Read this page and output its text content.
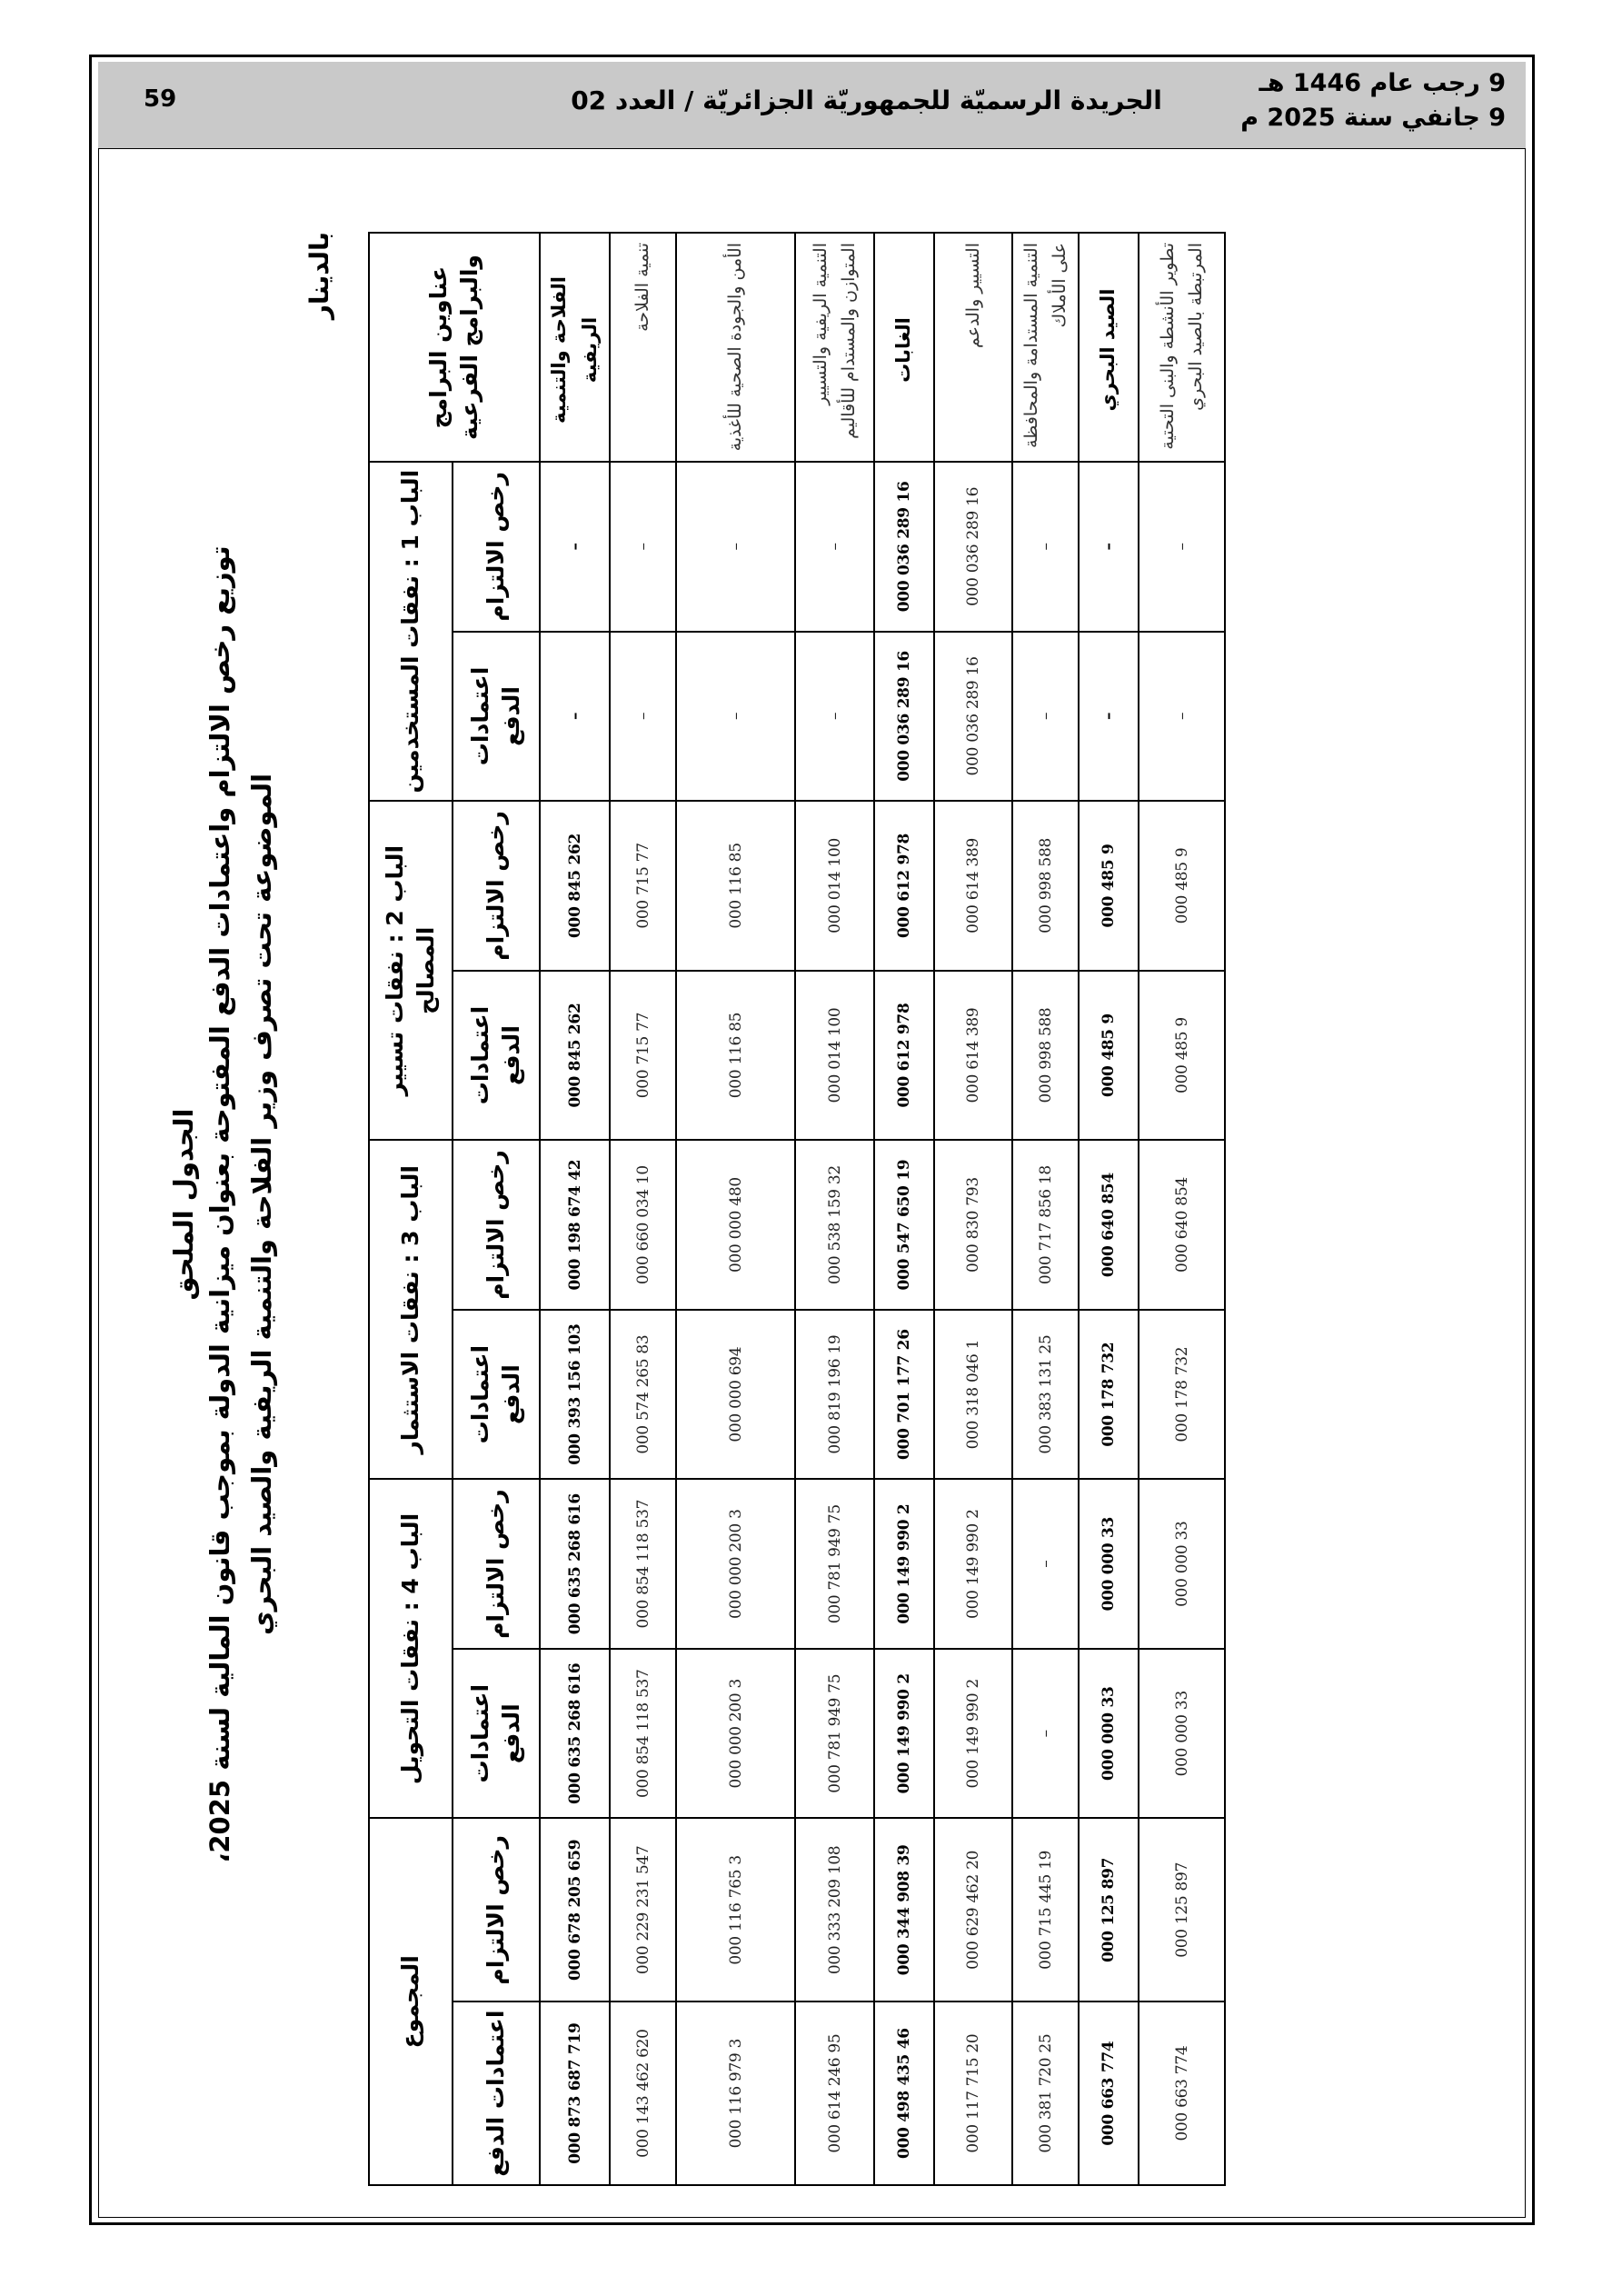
9 رجب عام 1446 هـ
9 جانفي سنة 2025 م
الجريدة الرسميّة للجمهوريّة الجزائريّة / العدد 02
59
الجدول الملحق
توزيع رخص الالتزام واعتمادات الدفع المفتوحة بعنوان ميزانية الدولة بموجب قانون المالية لسنة 2025، الموضوعة تحت تصرف وزير الفلاحة والتنمية الريفية والصيد البحري
بالدينار	عناوين البرامج والبرامج الفرعية	الباب 1 : نفقات المستخدمين		الباب 2 : نفقات تسيير المصالح		الباب 3 : نفقات الاستثمار		الباب 4 : نفقات التحويل		المجموع	
	رخص الالتزام	اعتمادات الدفع	رخص الالتزام	اعتمادات الدفع	رخص الالتزام	اعتمادات الدفع	رخص الالتزام	اعتمادات الدفع	رخص الالتزام	اعتمادات الدفع
الفلاحة والتنمية الريفية	–	–	262 845 000	262 845 000	42 674 198 000	103 156 393 000	616 268 635 000	616 268 635 000	659 205 678 000	719 687 873 000
تنمية الفلاحة	–	–	77 715 000	77 715 000	10 034 660 000	83 265 574 000	537 118 854 000	537 118 854 000	547 231 229 000	620 462 143 000
الأمن والجودة الصحية للأغذية	–	–	85 116 000	85 116 000	480 000 000	694 000 000	3 200 000 000	3 200 000 000	3 765 116 000	3 979 116 000
التنمية الريفية والتسيير المتوازن والمستدام للأقاليم	–	–	100 014 000	100 014 000	32 159 538 000	19 196 819 000	75 949 781 000	75 949 781 000	108 209 333 000	95 246 614 000
الغابات	16 289 036 000	16 289 036 000	978 612 000	978 612 000	19 650 547 000	26 177 701 000	2 990 149 000	2 990 149 000	39 908 344 000	46 435 498 000
التسيير والدعم	16 289 036 000	16 289 036 000	389 614 000	389 614 000	793 830 000	1 046 318 000	2 990 149 000	2 990 149 000	20 462 629 000	20 715 117 000
التنمية المستدامة والمحافظة على الأملاك	–	–	588 998 000	588 998 000	18 856 717 000	25 131 383 000	–	–	19 445 715 000	25 720 381 000
الصيد البحري	–	–	9 485 000	9 485 000	854 640 000	732 178 000	33 000 000	33 000 000	897 125 000	774 663 000
تطوير الأنشطة والبنى التحتية المرتبطة بالصيد البحري	–	–	9 485 000	9 485 000	854 640 000	732 178 000	33 000 000	33 000 000	897 125 000	774 663 000
